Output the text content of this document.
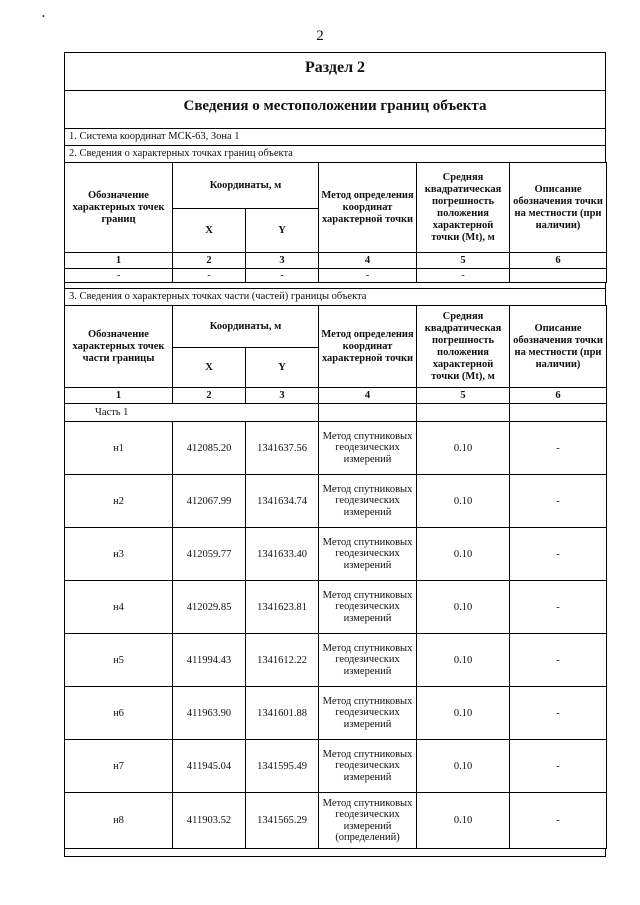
2
•
Раздел 2
Сведения о местоположении границ объекта
1. Система координат МСК-63, Зона 1
2. Сведения о характерных точках границ объекта
Обозначение характерных точек границ	Координаты, м		Метод определения координат характерной точки	Средняя квадратическая погрешность положения характерной точки (Mt), м	Описание обозначения точки на местности (при наличии)
	X	Y			
1	2	3	4	5	6
-	-	-	-	-	
3. Сведения о характерных точках части (частей) границы объекта
Обозначение характерных точек части границы	Координаты, м		Метод определения координат характерной точки	Средняя квадратическая погрешность положения характерной точки (Mt), м	Описание обозначения точки на местности (при наличии)
	X	Y			
1	2	3	4	5	6
Часть 1					
н1	412085.20	1341637.56	Метод спутниковых геодезических измерений	0.10	-
н2	412067.99	1341634.74	Метод спутниковых геодезических измерений	0.10	-
н3	412059.77	1341633.40	Метод спутниковых геодезических измерений	0.10	-
н4	412029.85	1341623.81	Метод спутниковых геодезических измерений	0.10	-
н5	411994.43	1341612.22	Метод спутниковых геодезических измерений	0.10	-
н6	411963.90	1341601.88	Метод спутниковых геодезических измерений	0.10	-
н7	411945.04	1341595.49	Метод спутниковых геодезических измерений	0.10	-
н8	411903.52	1341565.29	Метод спутниковых геодезических измерений (определений)	0.10	-
